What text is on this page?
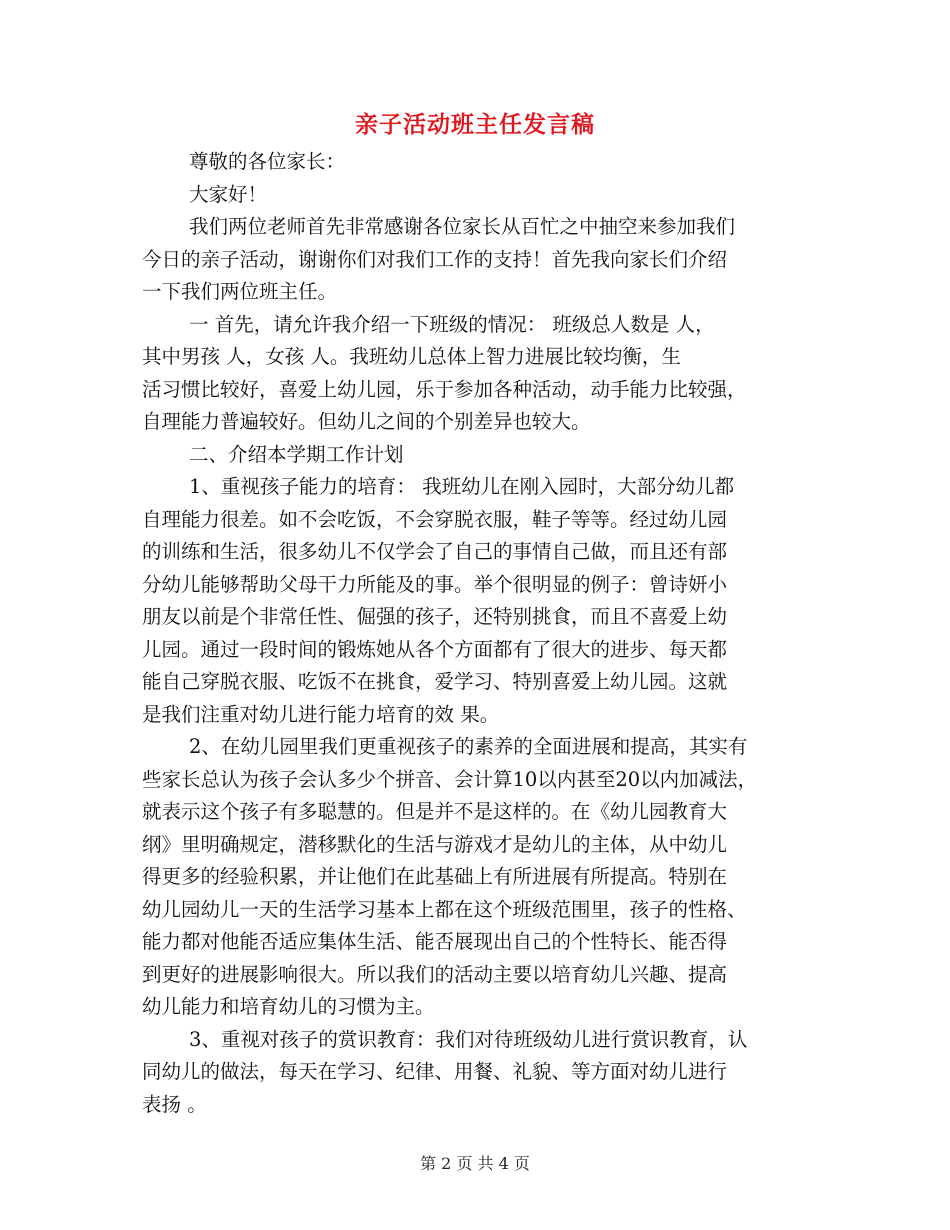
亲子活动班主任发言稿
尊敬的各位家长：
大家好！
我们两位老师首先非常感谢各位家长从百忙之中抽空来参加我们
今日的亲子活动，谢谢你们对我们工作的支持！首先我向家长们介绍
一下我们两位班主任。
一 首先，请允许我介绍一下班级的情况： 班级总人数是 人，
其中男孩 人，女孩 人。我班幼儿总体上智力进展比较均衡，生
活习惯比较好，喜爱上幼儿园，乐于参加各种活动，动手能力比较强，
自理能力普遍较好。但幼儿之间的个别差异也较大。
二、介绍本学期工作计划
1、重视孩子能力的培育： 我班幼儿在刚入园时，大部分幼儿都
自理能力很差。如不会吃饭，不会穿脱衣服，鞋子等等。经过幼儿园
的训练和生活，很多幼儿不仅学会了自己的事情自己做，而且还有部
分幼儿能够帮助父母干力所能及的事。举个很明显的例子：曾诗妍小
朋友以前是个非常任性、倔强的孩子，还特别挑食，而且不喜爱上幼
儿园。通过一段时间的锻炼她从各个方面都有了很大的进步、每天都
能自己穿脱衣服、吃饭不在挑食，爱学习、特别喜爱上幼儿园。这就
是我们注重对幼儿进行能力培育的效 果。
2、在幼儿园里我们更重视孩子的素养的全面进展和提高，其实有
些家长总认为孩子会认多少个拼音、会计算10以内甚至20以内加减法，
就表示这个孩子有多聪慧的。但是并不是这样的。在《幼儿园教育大
纲》里明确规定，潜移默化的生活与游戏才是幼儿的主体，从中幼儿
得更多的经验积累，并让他们在此基础上有所进展有所提高。特别在
幼儿园幼儿一天的生活学习基本上都在这个班级范围里，孩子的性格、
能力都对他能否适应集体生活、能否展现出自己的个性特长、能否得
到更好的进展影响很大。所以我们的活动主要以培育幼儿兴趣、提高
幼儿能力和培育幼儿的习惯为主。
3、重视对孩子的赏识教育：我们对待班级幼儿进行赏识教育，认
同幼儿的做法，每天在学习、纪律、用餐、礼貌、等方面对幼儿进行
表扬 。
第 2 页 共 4 页
